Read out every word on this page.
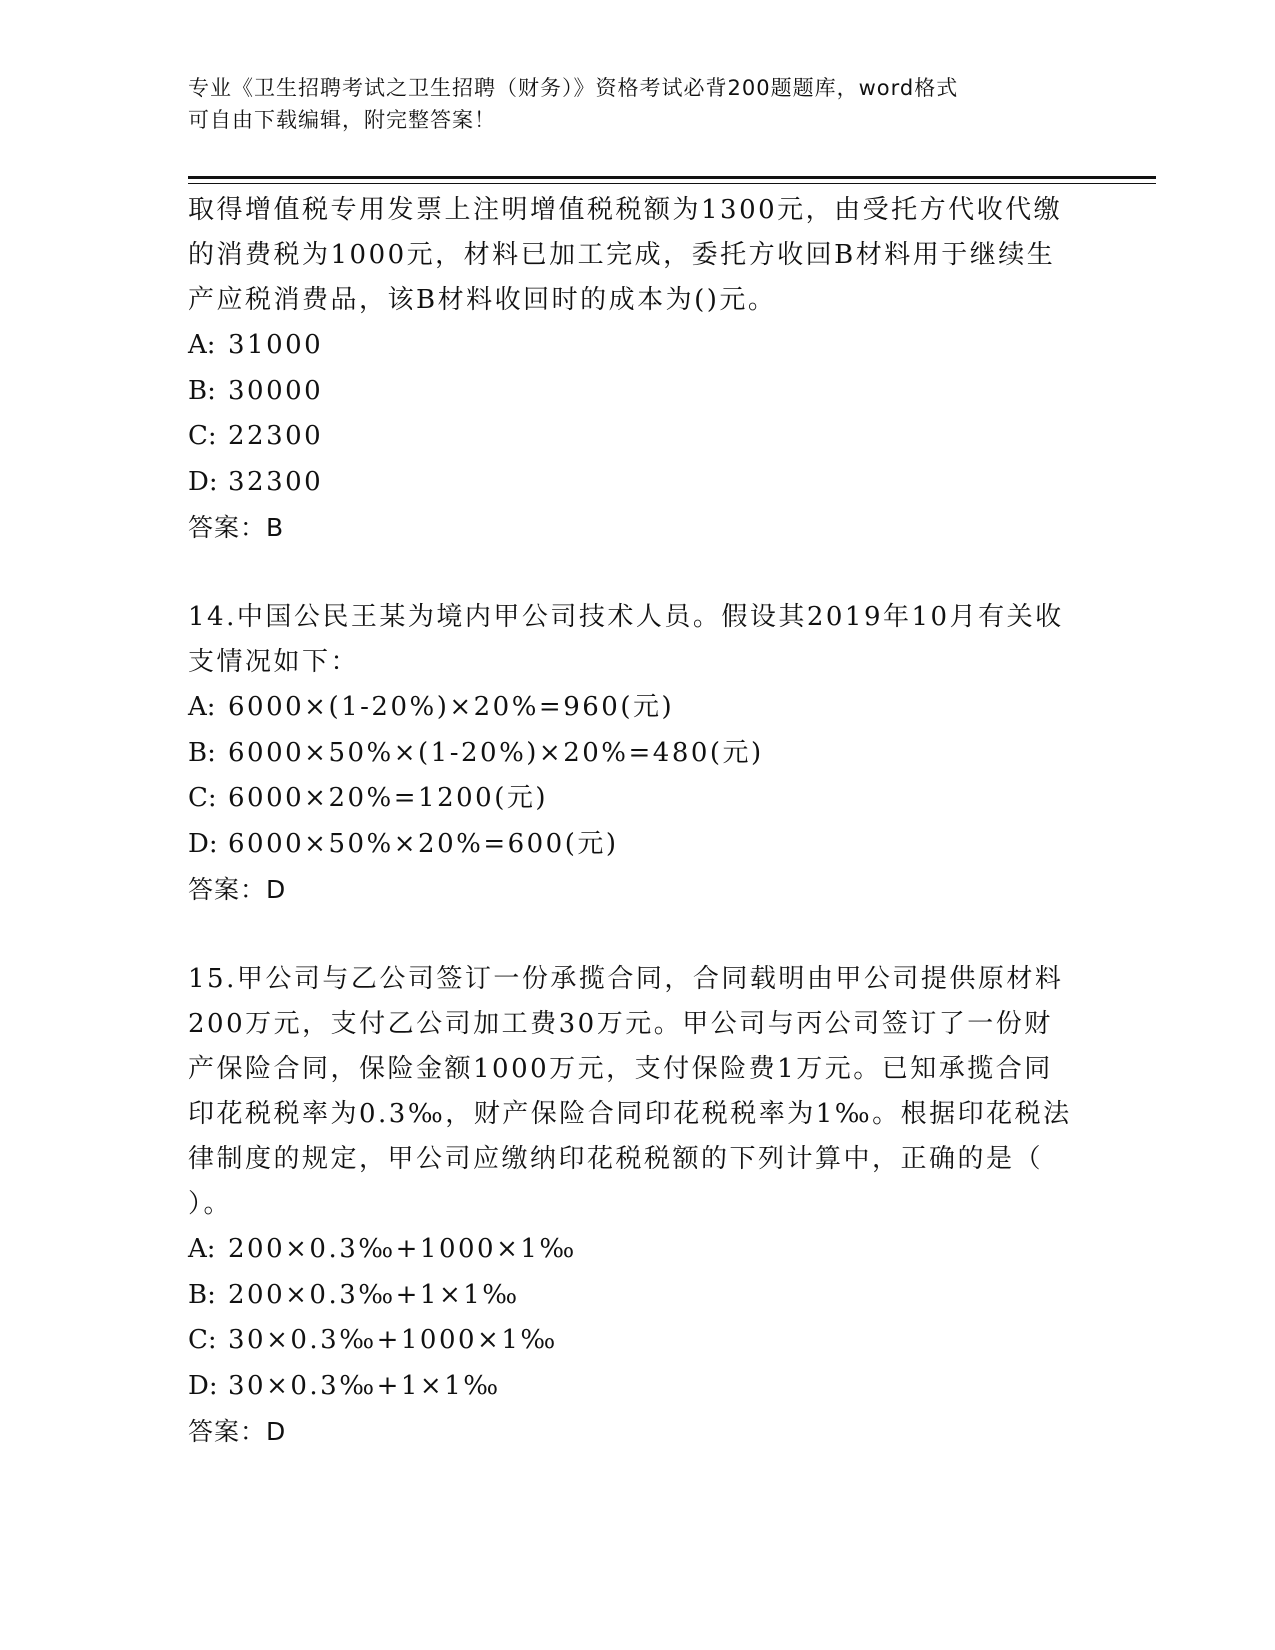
专业《卫生招聘考试之卫生招聘（财务）》资格考试必背200题题库，word格式
可自由下载编辑，附完整答案！

取得增值税专用发票上注明增值税税额为1300元，由受托方代收代缴

的消费税为1000元，材料已加工完成，委托方收回B材料用于继续生

产应税消费品，该B材料收回时的成本为()元。

A: 31000

B: 30000

C: 22300

D: 32300

答案：B

14.中国公民王某为境内甲公司技术人员。假设其2019年10月有关收

支情况如下：

A: 6000×(1-20%)×20%=960(元)

B: 6000×50%×(1-20%)×20%=480(元)

C: 6000×20%=1200(元)

D: 6000×50%×20%=600(元)

答案：D

15.甲公司与乙公司签订一份承揽合同，合同载明由甲公司提供原材料

200万元，支付乙公司加工费30万元。甲公司与丙公司签订了一份财

产保险合同，保险金额1000万元，支付保险费1万元。已知承揽合同

印花税税率为0.3‰，财产保险合同印花税税率为1‰。根据印花税法

律制度的规定，甲公司应缴纳印花税税额的下列计算中，正确的是（

）。

A: 200×0.3‰+1000×1‰

B: 200×0.3‰+1×1‰

C: 30×0.3‰+1000×1‰

D: 30×0.3‰+1×1‰

答案：D
